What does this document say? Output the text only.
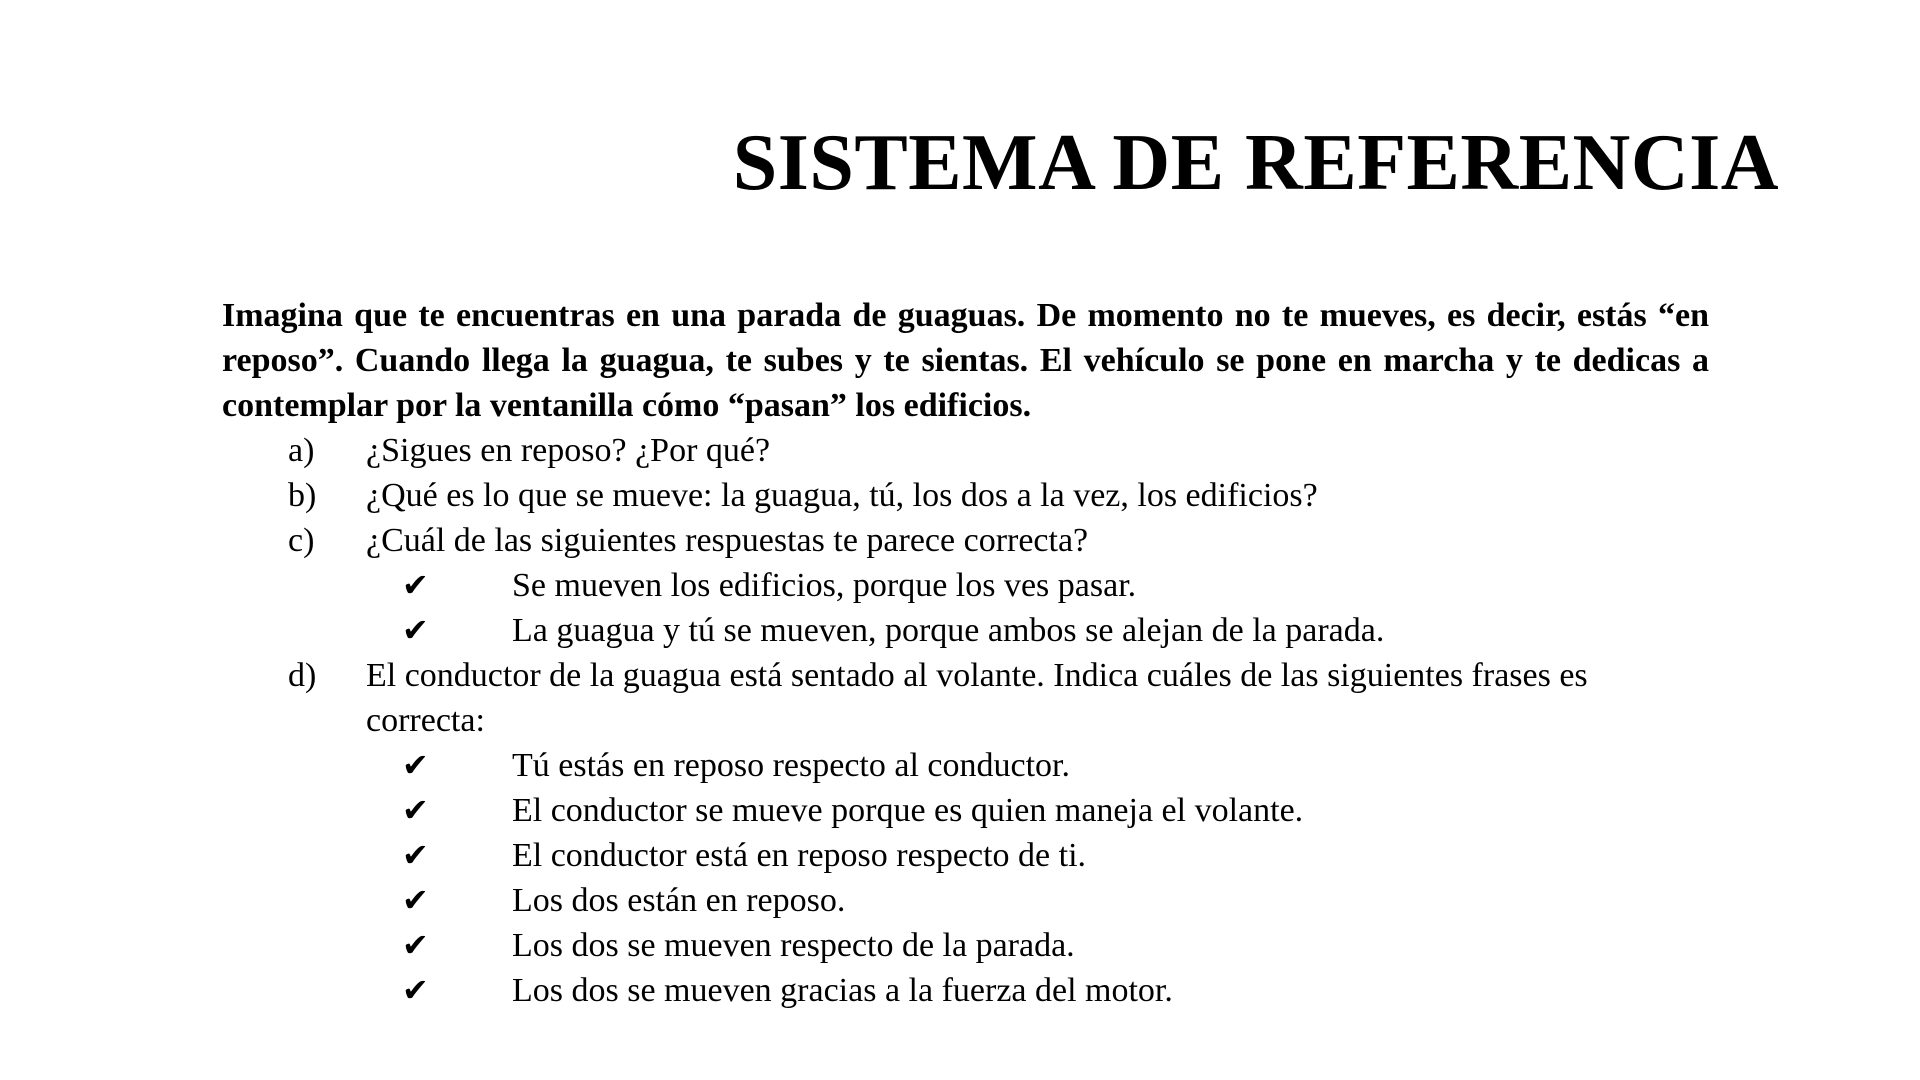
SISTEMA DE REFERENCIA

Imagina que te encuentras en una parada de guaguas. De momento no te mueves, es decir, estás “en reposo”. Cuando llega la guagua, te subes y te sientas. El vehículo se pone en marcha y te dedicas a contemplar por la ventanilla cómo “pasan” los edificios.

a) ¿Sigues en reposo? ¿Por qué?
b) ¿Qué es lo que se mueve: la guagua, tú, los dos a la vez, los edificios?
c) ¿Cuál de las siguientes respuestas te parece correcta?
✔ Se mueven los edificios, porque los ves pasar.
✔ La guagua y tú se mueven, porque ambos se alejan de la parada.
d) El conductor de la guagua está sentado al volante. Indica cuáles de las siguientes frases es correcta:
✔ Tú estás en reposo respecto al conductor.
✔ El conductor se mueve porque es quien maneja el volante.
✔ El conductor está en reposo respecto de ti.
✔ Los dos están en reposo.
✔ Los dos se mueven respecto de la parada.
✔ Los dos se mueven gracias a la fuerza del motor.
